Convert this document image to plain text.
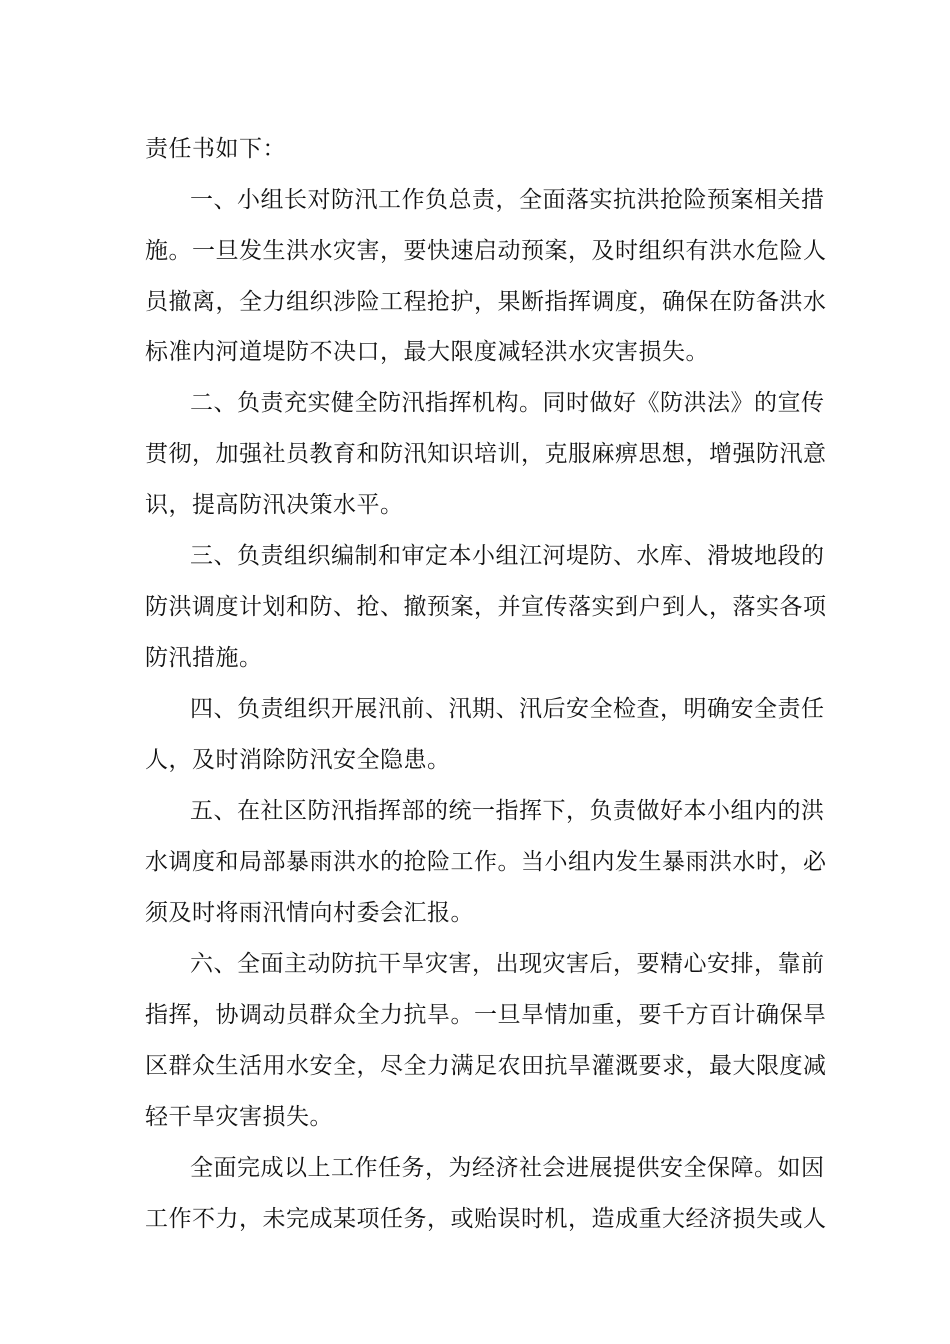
责任书如下：
一、小组长对防汛工作负总责，全面落实抗洪抢险预案相关措
施。一旦发生洪水灾害，要快速启动预案，及时组织有洪水危险人
员撤离，全力组织涉险工程抢护，果断指挥调度，确保在防备洪水
标准内河道堤防不决口，最大限度减轻洪水灾害损失。
二、负责充实健全防汛指挥机构。同时做好《防洪法》的宣传
贯彻，加强社员教育和防汛知识培训，克服麻痹思想，增强防汛意
识，提高防汛决策水平。
三、负责组织编制和审定本小组江河堤防、水库、滑坡地段的
防洪调度计划和防、抢、撤预案，并宣传落实到户到人，落实各项
防汛措施。
四、负责组织开展汛前、汛期、汛后安全检查，明确安全责任
人，及时消除防汛安全隐患。
五、在社区防汛指挥部的统一指挥下，负责做好本小组内的洪
水调度和局部暴雨洪水的抢险工作。当小组内发生暴雨洪水时，必
须及时将雨汛情向村委会汇报。
六、全面主动防抗干旱灾害，出现灾害后，要精心安排，靠前
指挥，协调动员群众全力抗旱。一旦旱情加重，要千方百计确保旱
区群众生活用水安全，尽全力满足农田抗旱灌溉要求，最大限度减
轻干旱灾害损失。
全面完成以上工作任务，为经济社会进展提供安全保障。如因
工作不力，未完成某项任务，或贻误时机，造成重大经济损失或人
